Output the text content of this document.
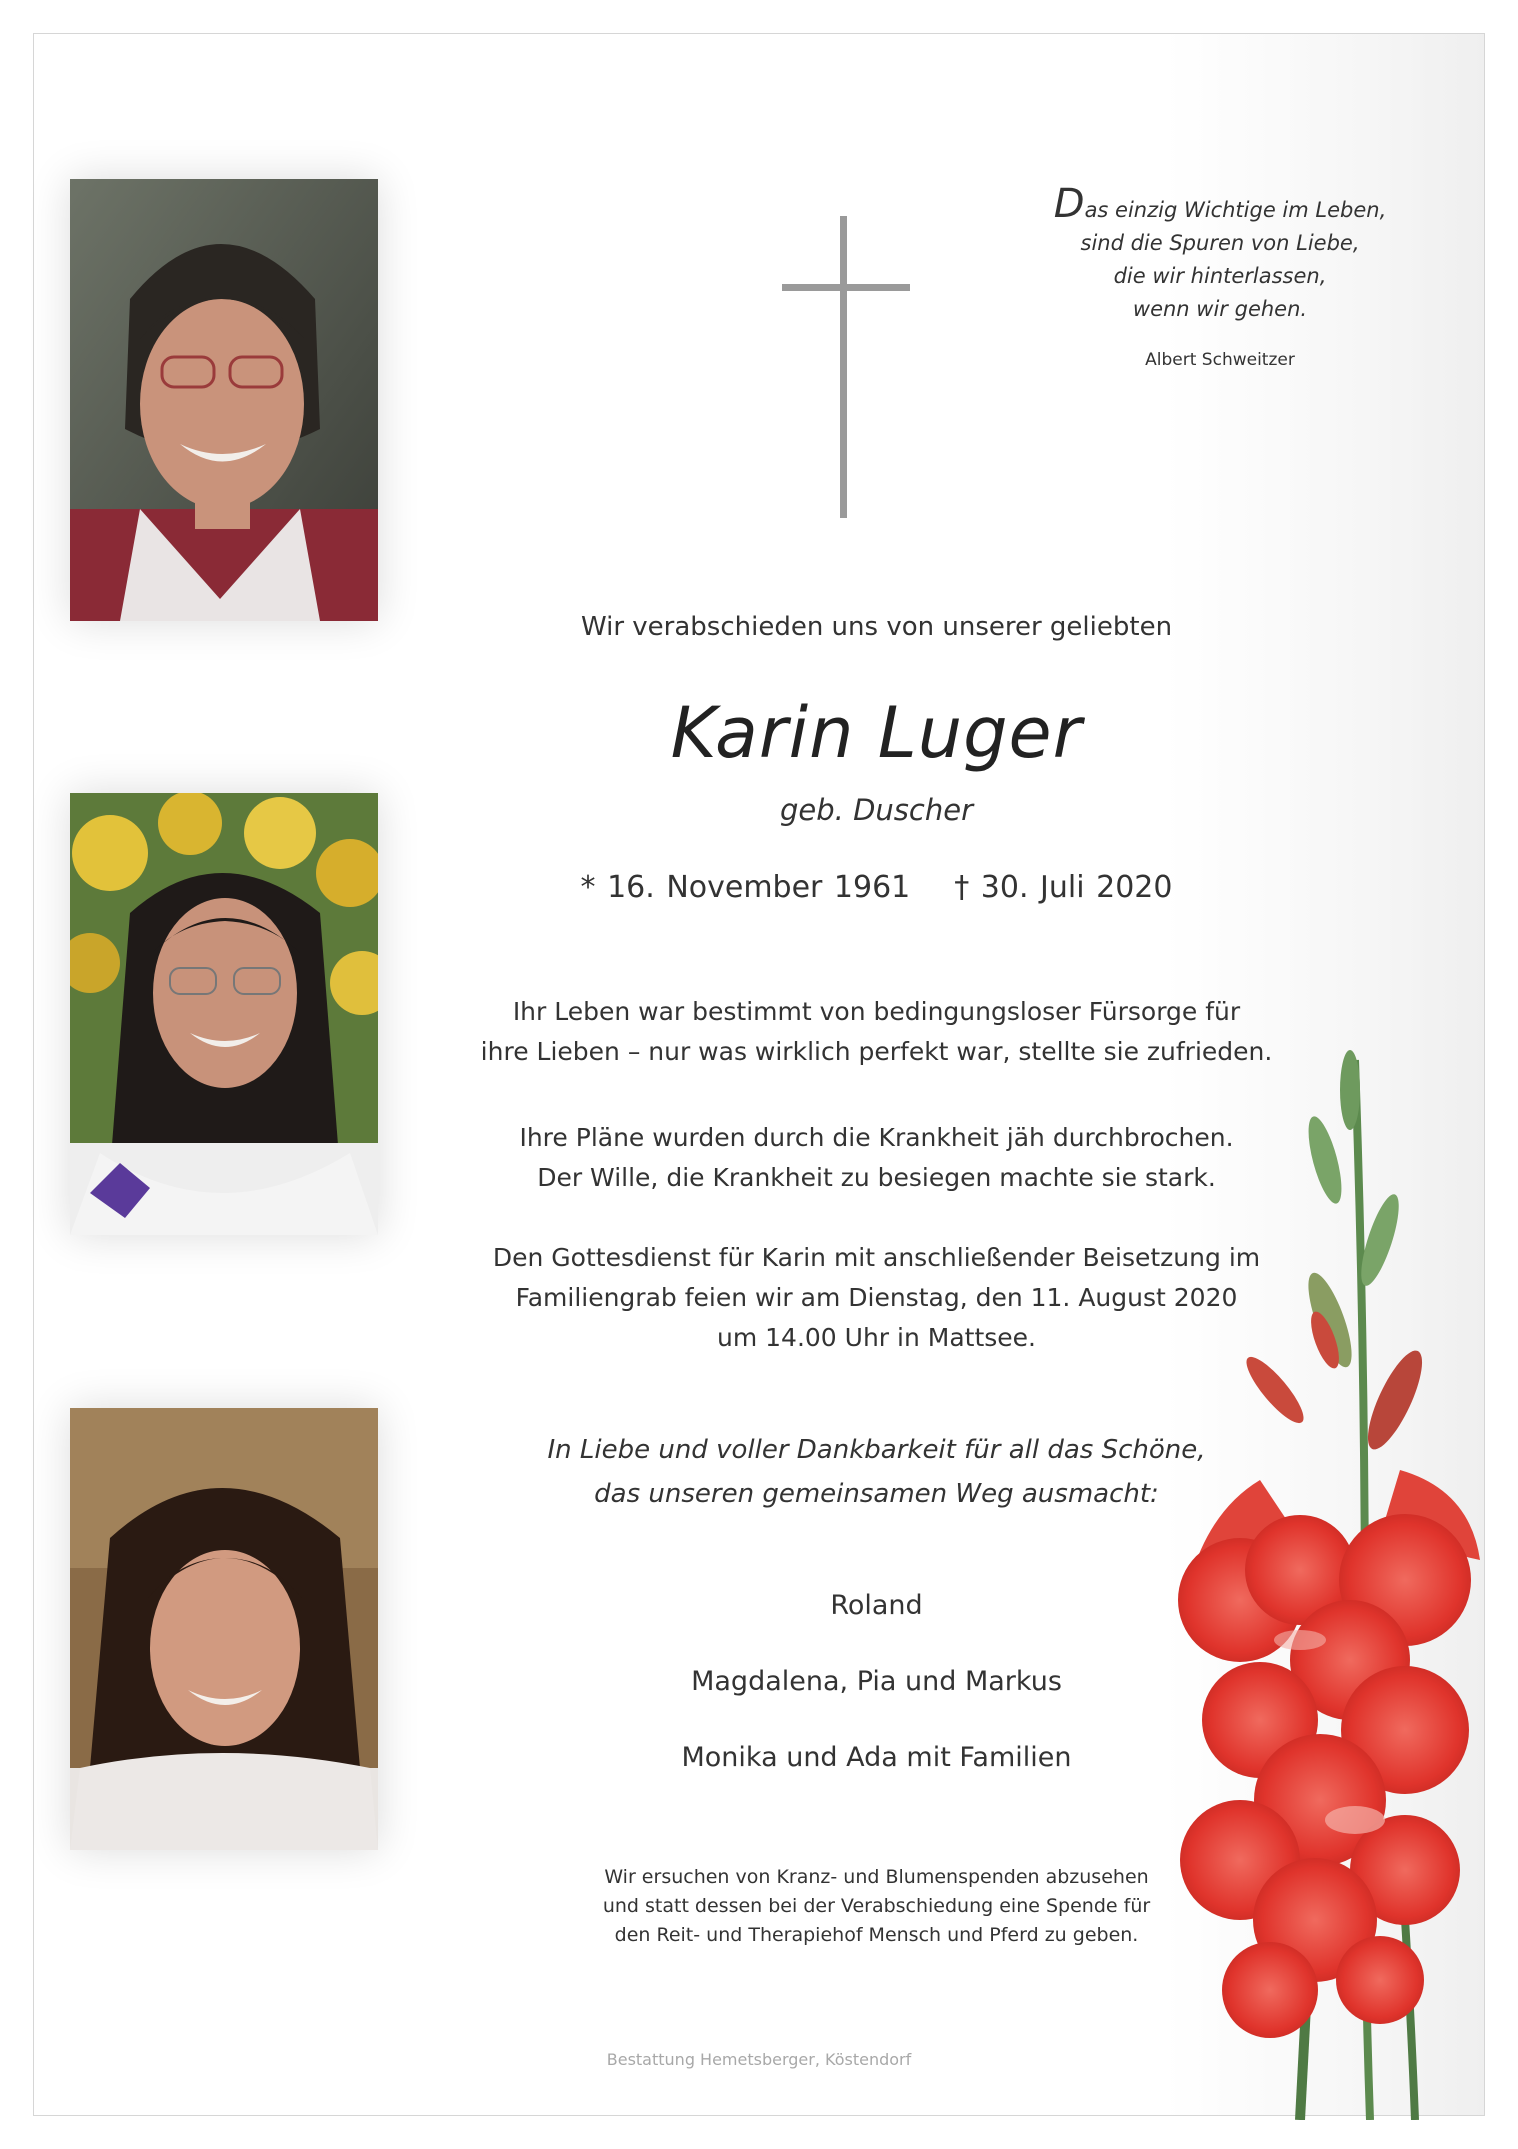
Das einzig Wichtige im Leben,
sind die Spuren von Liebe,
die wir hinterlassen,
wenn wir gehen.
Albert Schweitzer
Wir verabschieden uns von unserer geliebten
Karin Luger
geb. Duscher
* 16. November 1961 † 30. Juli 2020
Ihr Leben war bestimmt von bedingungsloser Fürsorge für
ihre Lieben – nur was wirklich perfekt war, stellte sie zufrieden.
Ihre Pläne wurden durch die Krankheit jäh durchbrochen.
Der Wille, die Krankheit zu besiegen machte sie stark.
Den Gottesdienst für Karin mit anschließender Beisetzung im
Familiengrab feien wir am Dienstag, den 11. August 2020
um 14.00 Uhr in Mattsee.
In Liebe und voller Dankbarkeit für all das Schöne,
das unseren gemeinsamen Weg ausmacht:
Roland
Magdalena, Pia und Markus
Monika und Ada mit Familien
Wir ersuchen von Kranz- und Blumenspenden abzusehen
und statt dessen bei der Verabschiedung eine Spende für
den Reit- und Therapiehof Mensch und Pferd zu geben.
Bestattung Hemetsberger, Köstendorf
